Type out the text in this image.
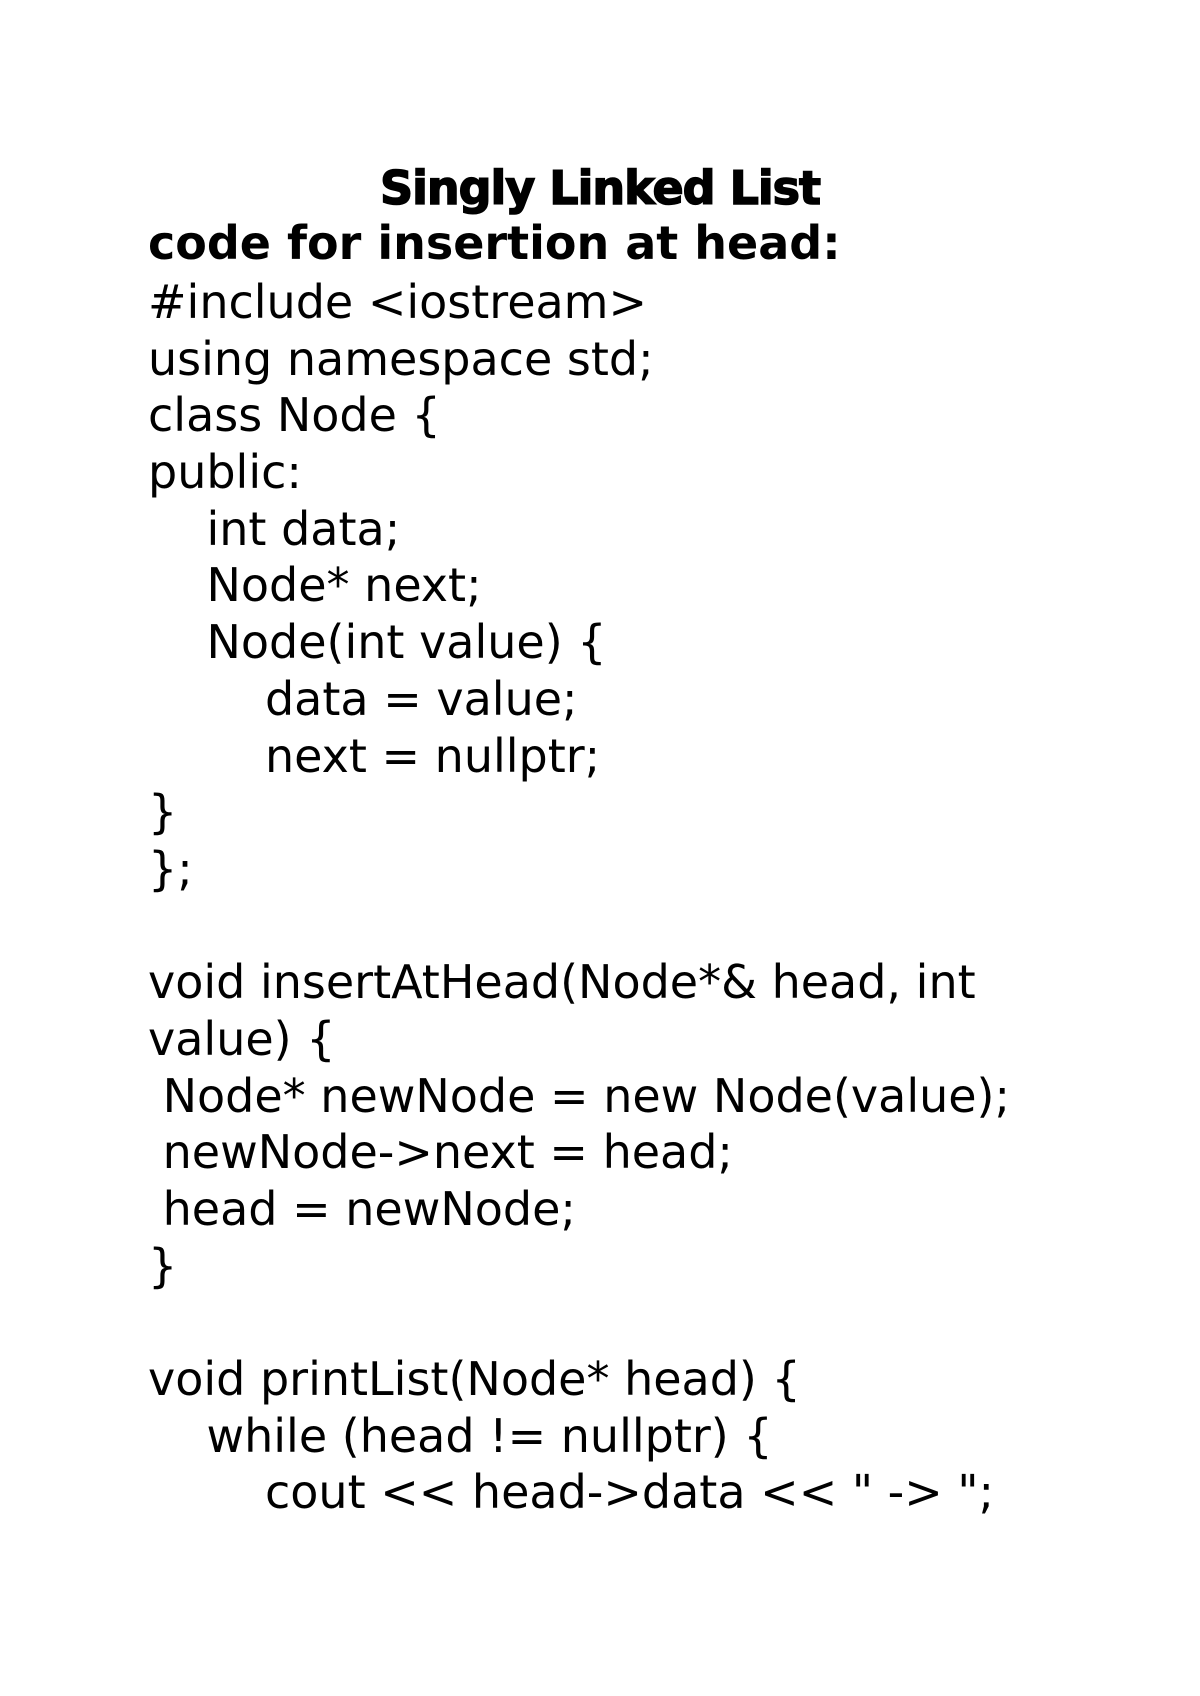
Singly Linked List
code for insertion at head:
#include <iostream>
using namespace std;
class Node {
public:
int data;
Node* next;
Node(int value) {
data = value;
next = nullptr;
}
};

void insertAtHead(Node*& head, int
value) {
Node* newNode = new Node(value);
newNode->next = head;
head = newNode;
}

void printList(Node* head) {
while (head != nullptr) {
cout << head->data << " -> ";
